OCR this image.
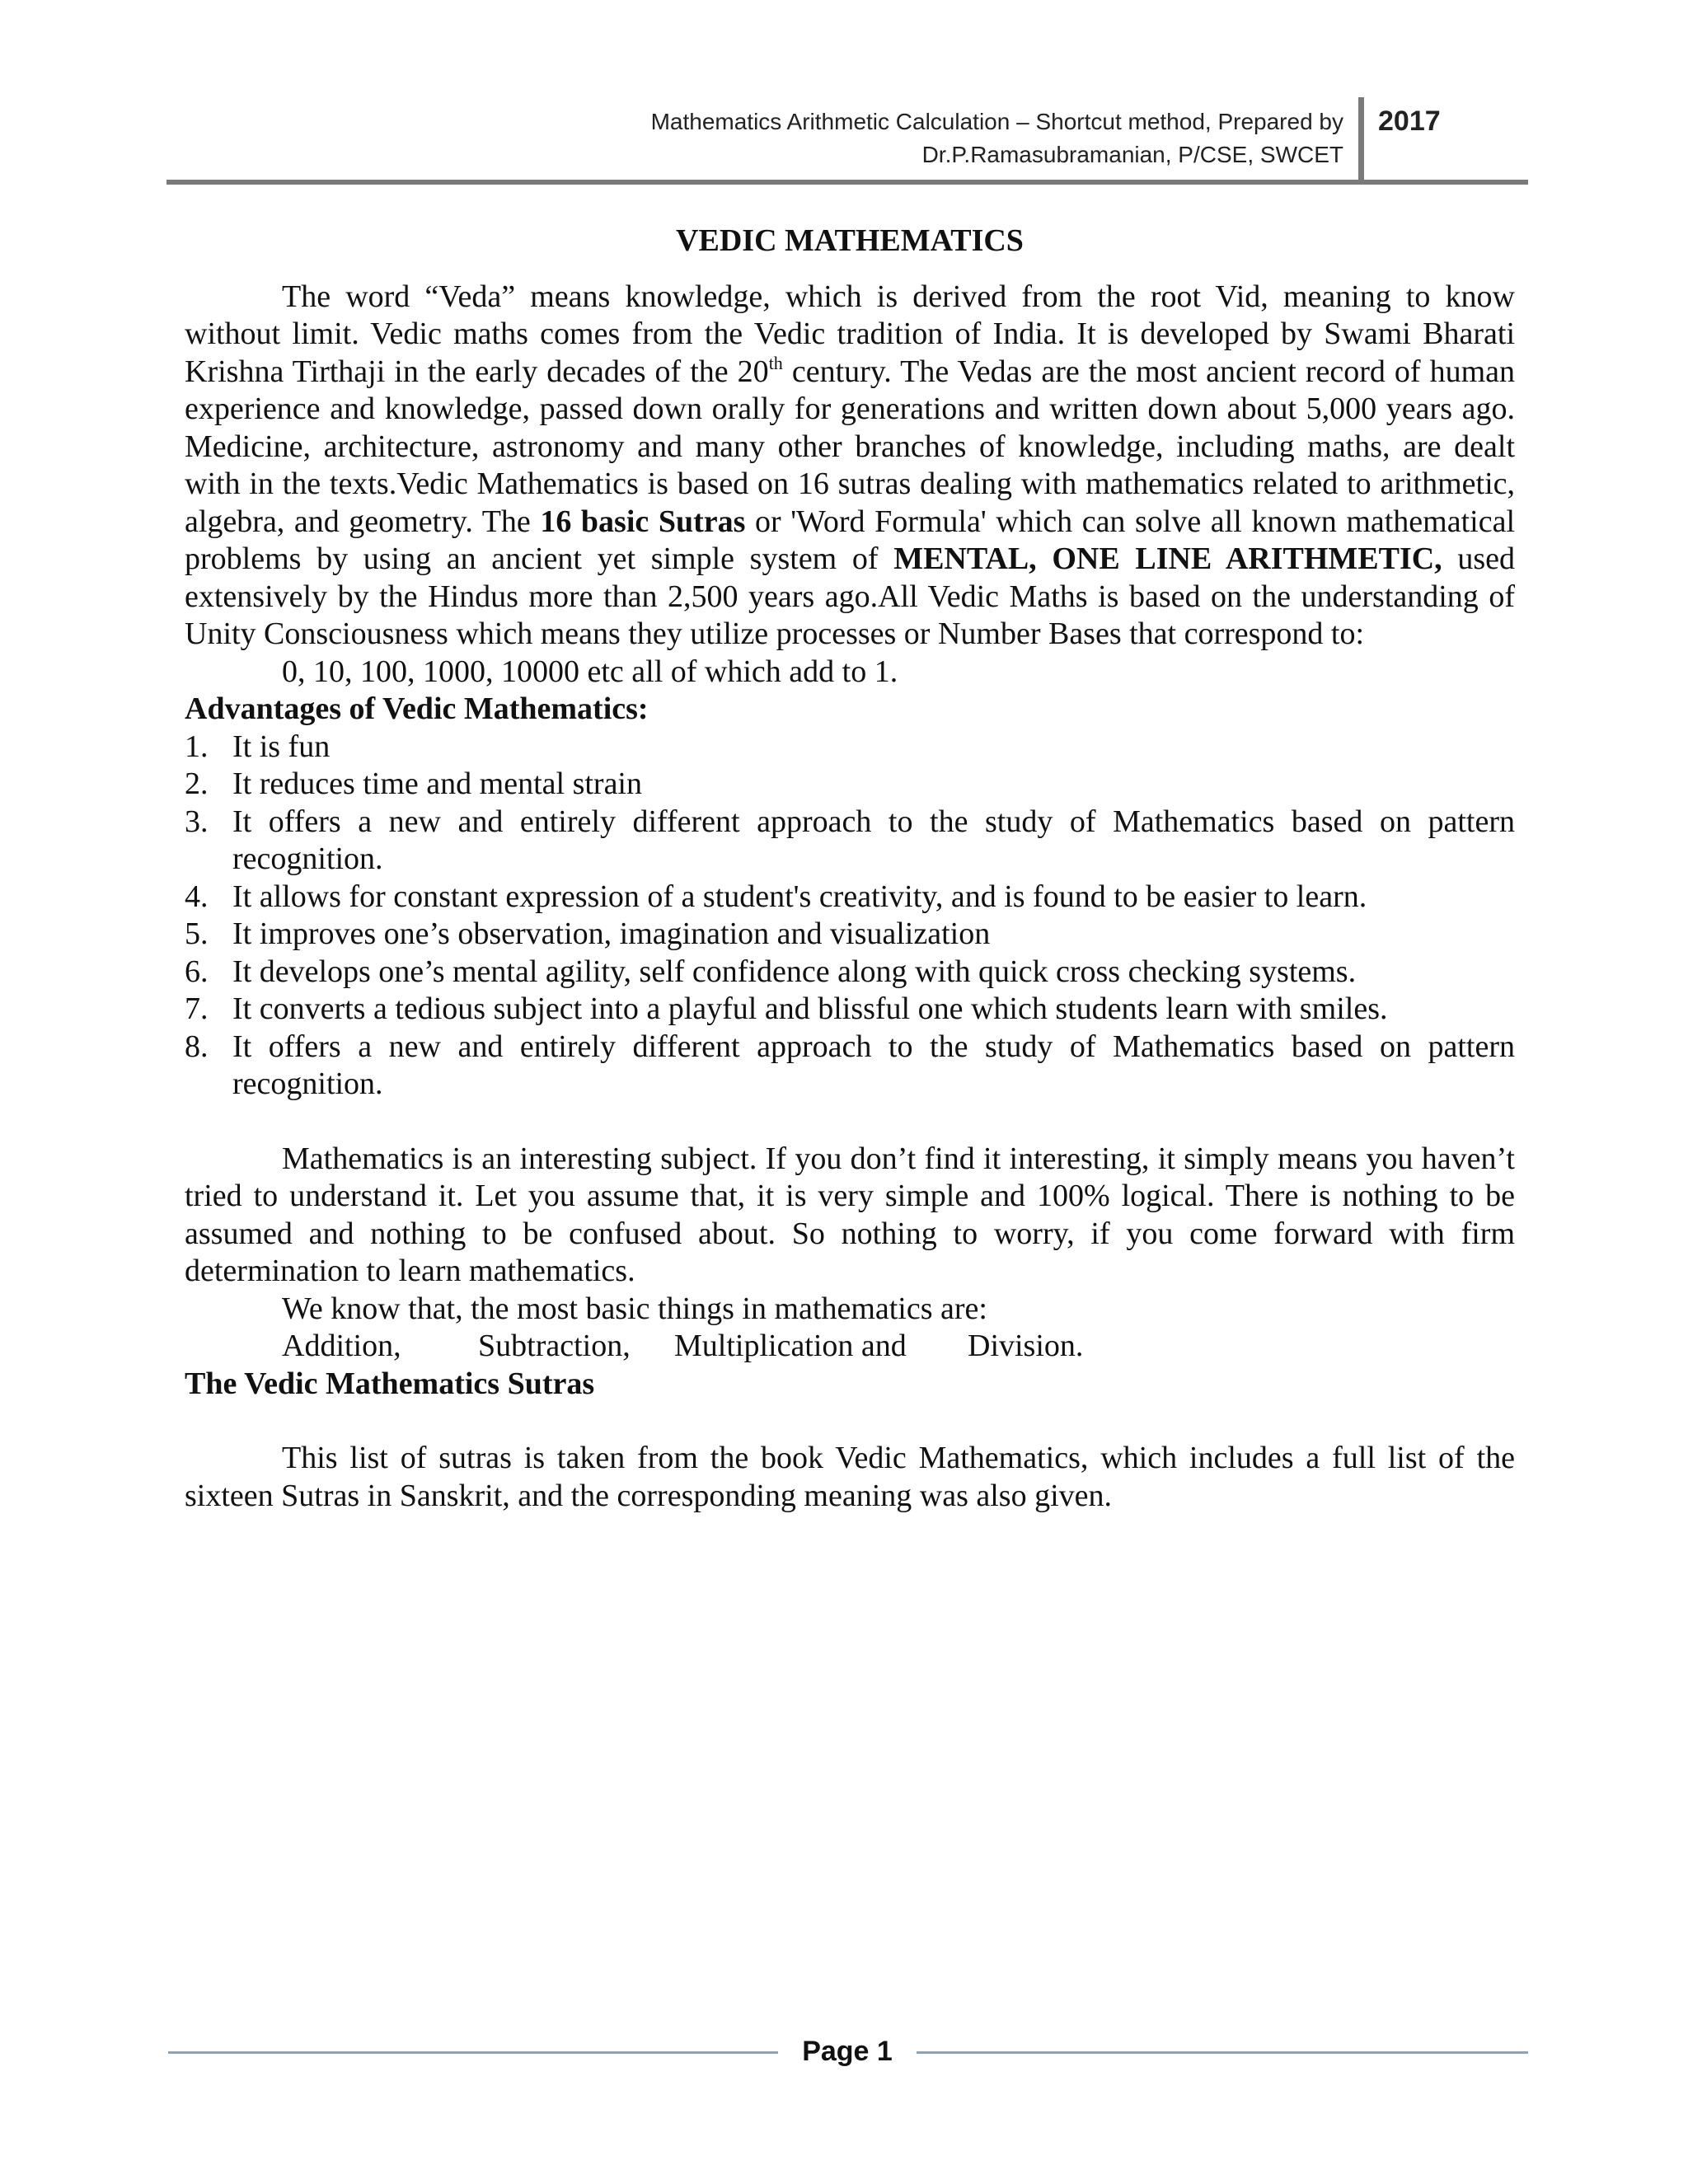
Mathematics Arithmetic Calculation – Shortcut method, Prepared by
Dr.P.Ramasubramanian, P/CSE, SWCET
2017

VEDIC MATHEMATICS

The word “Veda” means knowledge, which is derived from the root Vid, meaning to know without limit. Vedic maths comes from the Vedic tradition of India. It is developed by Swami Bharati Krishna Tirthaji in the early decades of the 20th century. The Vedas are the most ancient record of human experience and knowledge, passed down orally for generations and written down about 5,000 years ago. Medicine, architecture, astronomy and many other branches of knowledge, including maths, are dealt with in the texts.Vedic Mathematics is based on 16 sutras dealing with mathematics related to arithmetic, algebra, and geometry. The 16 basic Sutras or 'Word Formula' which can solve all known mathematical problems by using an ancient yet simple system of MENTAL, ONE LINE ARITHMETIC, used extensively by the Hindus more than 2,500 years ago.All Vedic Maths is based on the understanding of Unity Consciousness which means they utilize processes or Number Bases that correspond to:

0, 10, 100, 1000, 10000 etc all of which add to 1.

Advantages of Vedic Mathematics:

1. It is fun
2. It reduces time and mental strain
3. It offers a new and entirely different approach to the study of Mathematics based on pattern recognition.
4. It allows for constant expression of a student's creativity, and is found to be easier to learn.
5. It improves one’s observation, imagination and visualization
6. It develops one’s mental agility, self confidence along with quick cross checking systems.
7. It converts a tedious subject into a playful and blissful one which students learn with smiles.
8. It offers a new and entirely different approach to the study of Mathematics based on pattern recognition.

Mathematics is an interesting subject. If you don’t find it interesting, it simply means you haven’t tried to understand it. Let you assume that, it is very simple and 100% logical. There is nothing to be assumed and nothing to be confused about. So nothing to worry, if you come forward with firm determination to learn mathematics.

We know that, the most basic things in mathematics are:

Addition, Subtraction, Multiplication and Division.

The Vedic Mathematics Sutras

This list of sutras is taken from the book Vedic Mathematics, which includes a full list of the sixteen Sutras in Sanskrit, and the corresponding meaning was also given.

Page 1
